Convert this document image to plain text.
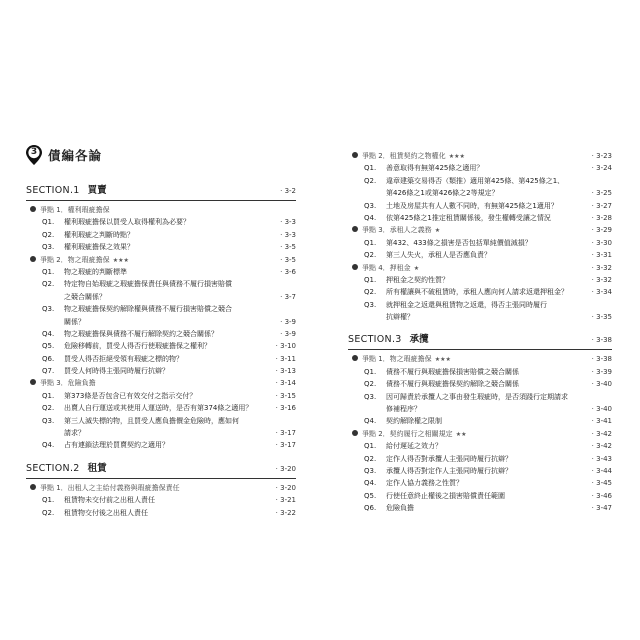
3 債編各論
SECTION.1 買賣	· 3-2
爭點 1．權利瑕疵擔保
Q1. 權利瑕疵擔保以買受人取得權利為必要？	· 3-3
Q2. 權利瑕疵之判斷時點？	· 3-3
Q3. 權利瑕疵擔保之效果？	· 3-5
爭點 2．物之瑕疵擔保 ★★★	· 3-5
Q1. 物之瑕疵的判斷標準	· 3-6
Q2. 特定物自始瑕疵之瑕疵擔保責任與債務不履行損害賠償
之競合關係？	· 3-7
Q3. 物之瑕疵擔保契約解除權與債務不履行損害賠償之競合
關係？	· 3-9
Q4. 物之瑕疵擔保與債務不履行解除契約之競合關係？	· 3-9
Q5. 危險移轉前，買受人得否行使瑕疵擔保之權利？	· 3-10
Q6. 買受人得否拒絕受領有瑕疵之標的物？	· 3-11
Q7. 買受人何時得主張同時履行抗辯？	· 3-13
爭點 3．危險負擔	· 3-14
Q1. 第373條是否包含已有效交付之指示交付？	· 3-15
Q2. 出賣人自行運送或其使用人運送時，是否有第374條之適用？	· 3-16
Q3. 第三人滅失標的物，且買受人應負擔價金危險時，應如何
請求？	· 3-17
Q4. 占有連鎖法理於買賣契約之適用？	· 3-17
SECTION.2 租賃	· 3-20
爭點 1．出租人之主給付義務與瑕疵擔保責任	· 3-20
Q1. 租賃物未交付前之出租人責任	· 3-21
Q2. 租賃物交付後之出租人責任	· 3-22
爭點 2．租賃契約之物權化 ★★★	· 3-23
Q1. 善意取得有無第425條之適用？	· 3-24
Q2. 違章建築交易得否（類推）適用第425條、第425條之1、
第426條之1或第426條之2等規定？	· 3-25
Q3. 土地及房屋共有人人數不同時，有無第425條之1適用？	· 3-27
Q4. 依第425條之1推定租賃關係後，發生權轉受讓之情況	· 3-28
爭點 3．承租人之義務 ★	· 3-29
Q1. 第432、433條之損害是否包括單純價值減損？	· 3-30
Q2. 第三人失火，承租人是否應負責？	· 3-31
爭點 4．押租金 ★	· 3-32
Q1. 押租金之契約性質？	· 3-32
Q2. 所有權讓與不破租賃時，承租人應向何人請求返還押租金？	· 3-34
Q3. 就押租金之返還與租賃物之返還，得否主張同時履行
抗辯權？	· 3-35
SECTION.3 承攬	· 3-38
爭點 1．物之瑕疵擔保 ★★★	· 3-38
Q1. 債務不履行與瑕疵擔保損害賠償之競合關係	· 3-39
Q2. 債務不履行與瑕疵擔保契約解除之競合關係	· 3-40
Q3. 因可歸責於承攬人之事由發生瑕疵時，是否須踐行定期請求
修補程序？	· 3-40
Q4. 契約解除權之限制	· 3-41
爭點 2．契約履行之相關規定 ★★	· 3-42
Q1. 給付遲延之效力？	· 3-42
Q2. 定作人得否對承攬人主張同時履行抗辯？	· 3-43
Q3. 承攬人得否對定作人主張同時履行抗辯？	· 3-44
Q4. 定作人協力義務之性質？	· 3-45
Q5. 行使任意終止權後之損害賠償責任範圍	· 3-46
Q6. 危險負擔	· 3-47
